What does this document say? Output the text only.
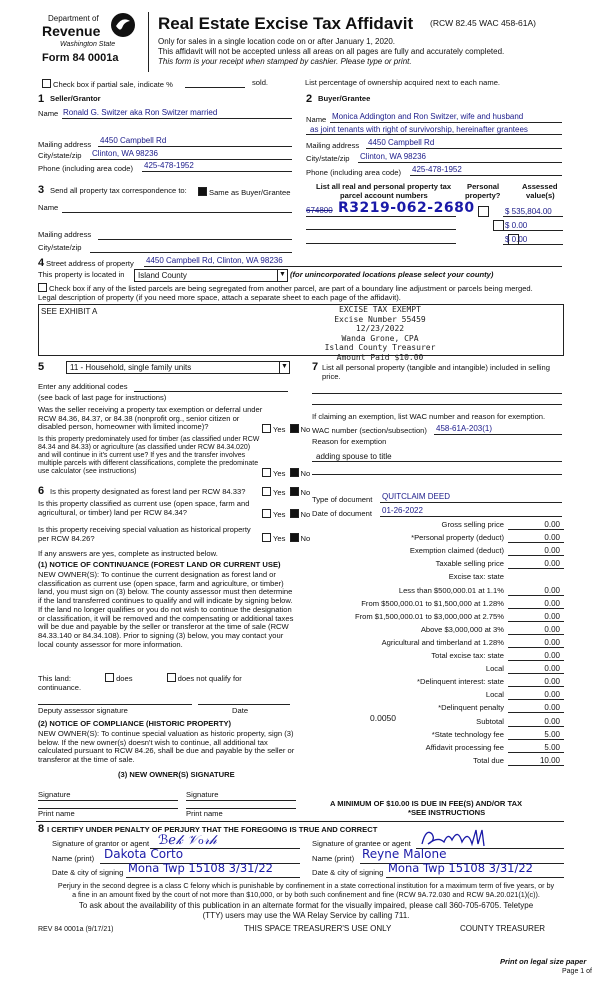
Department of
Revenue
Washington State
Form 84 0001a
Real Estate Excise Tax Affidavit (RCW 82.45 WAC 458-61A)
Only for sales in a single location code on or after January 1, 2020.
This affidavit will not be accepted unless all areas on all pages are fully and accurately completed.
This form is your receipt when stamped by cashier. Please type or print.
Check box if partial sale, indicate %	sold.	List percentage of ownership acquired next to each name.
1 Seller/Grantor
Name Ronald G. Switzer aka Ron Switzer married
Mailing address 4450 Campbell Rd
City/state/zip Clinton, WA 98236
Phone (including area code) 425-478-1952
2 Buyer/Grantee
Name Monica Addington and Ron Switzer, wife and husband
as joint tenants with right of survivorship, hereinafter grantees
Mailing address 4450 Campbell Rd
City/state/zip Clinton, WA 98236
Phone (including area code) 425-478-1952
3 Send all property tax correspondence to:	Same as Buyer/Grantee
Name
Mailing address
City/state/zip
List all real and personal property tax
parcel account numbers
Personal
property?
Assessed
value(s)
674800 R3219-062-2680
	$ 535,804.00
$ 0.00
$ 0.00
4 Street address of property 4450 Campbell Rd, Clinton, WA 98236
This property is located in Island County	▼ (for unincorporated locations please select your county)
Check box if any of the listed parcels are being segregated from another parcel, are part of a boundary line adjustment or parcels being merged.
Legal description of property (if you need more space, attach a separate sheet to each page of the affidavit).
SEE EXHIBIT A	EXCISE TAX EXEMPT
Excise Number 55459
12/23/2022
Wanda Grone, CPA
Island County Treasurer
Amount Paid $10.00
5	11 - Household, single family units	▼
Enter any additional codes
(see back of last page for instructions)
Was the seller receiving a property tax exemption or deferral under RCW 84.36, 84.37, or 84.38 (nonprofit org., senior citizen or disabled person, homeowner with limited income)?	Yes No
Is this property predominately used for timber (as classified under RCW 84.34 and 84.33) or agriculture (as classified under RCW 84.34.020) and will continue in it's current use? If yes and the transfer involves multiple parcels with different classifications, complete the predominate use calculator (see instructions)	Yes No
6 Is this property designated as forest land per RCW 84.33?	Yes No
Is this property classified as current use (open space, farm and agricultural, or timber) land per RCW 84.34?	Yes No
Is this property receiving special valuation as historical property per RCW 84.26?	Yes No
If any answers are yes, complete as instructed below.
(1) NOTICE OF CONTINUANCE (FOREST LAND OR CURRENT USE)
NEW OWNER(S): To continue the current designation as forest land or classification as current use (open space, farm and agriculture, or timber) land, you must sign on (3) below. The county assessor must then determine if the land transferred continues to qualify and will indicate by signing below. If the land no longer qualifies or you do not wish to continue the designation or classification, it will be removed and the compensating or additional taxes will be due and payable by the seller or transferor at the time of sale (RCW 84.33.140 or 84.34.108). Prior to signing (3) below, you may contact your local county assessor for more information.
This land:	does	does not qualify for
continuance.
Deputy assessor signature	Date
(2) NOTICE OF COMPLIANCE (HISTORIC PROPERTY)
NEW OWNER(S): To continue special valuation as historic property, sign (3) below. If the new owner(s) doesn't wish to continue, all additional tax calculated pursuant to RCW 84.26, shall be due and payable by the seller or transferor at the time of sale.
(3) NEW OWNER(S) SIGNATURE
Signature	Signature
Print name	Print name
7 List all personal property (tangible and intangible) included in selling price.
If claiming an exemption, list WAC number and reason for exemption.
WAC number (section/subsection) 458-61A-203(1)
Reason for exemption
adding spouse to title
Type of document QUITCLAIM DEED
Date of document 01-26-2022
Gross selling price	0.00
*Personal property (deduct)	0.00
Exemption claimed (deduct)	0.00
Taxable selling price	0.00
Excise tax: state
Less than $500,000.01 at 1.1%	0.00
From $500,000.01 to $1,500,000 at 1.28%	0.00
From $1,500,000.01 to $3,000,000 at 2.75%	0.00
Above $3,000,000 at 3%	0.00
Agricultural and timberland at 1.28%	0.00
Total excise tax: state	0.00
Local	0.00
*Delinquent interest: state	0.00
Local	0.00
*Delinquent penalty	0.00
Subtotal	0.00
*State technology fee	5.00
Affidavit processing fee	5.00
Total due	10.00
0.0050
A MINIMUM OF $10.00 IS DUE IN FEE(S) AND/OR TAX
*SEE INSTRUCTIONS
8 I CERTIFY UNDER PENALTY OF PERJURY THAT THE FOREGOING IS TRUE AND CORRECT
Signature of grantor or agent ℬℯ𝓀 𝒱ℴ𝓇𝒽
Name (print) Dakota Corto
Date & city of signing Mona Twp 15108 3/31/22
Signature of grantee or agent
Name (print) Reyne Malone
Date & city of signing Mona Twp 15108 3/31/22
Perjury in the second degree is a class C felony which is punishable by confinement in a state correctional institution for a maximum term of five years, or by
a fine in an amount fixed by the court of not more than $10,000, or by both such confinement and fine (RCW 9A.72.030 and RCW 9A.20.021(1)(c)).
To ask about the availability of this publication in an alternate format for the visually impaired, please call 360-705-6705. Teletype
(TTY) users may use the WA Relay Service by calling 711.
REV 84 0001a (9/17/21)	THIS SPACE TREASURER'S USE ONLY	COUNTY TREASURER
Print on legal size paper
Page 1 of
